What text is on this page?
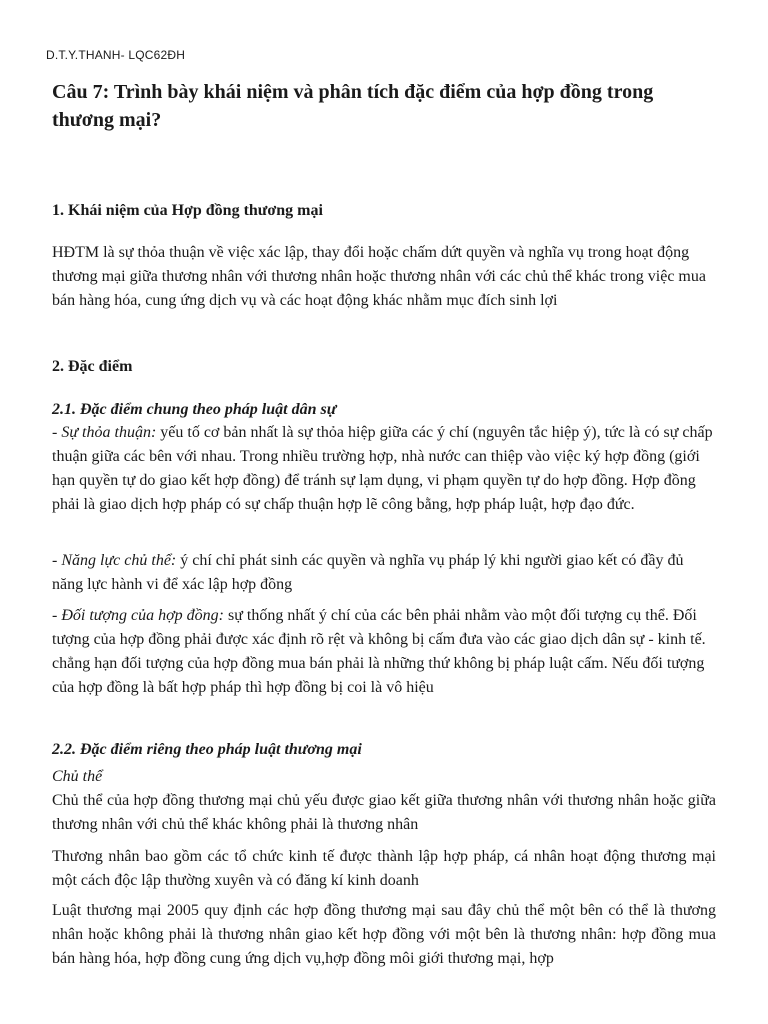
D.T.Y.THANH- LQC62ĐH
Câu 7: Trình bày khái niệm và phân tích đặc điểm của hợp đồng trong thương mại?
1. Khái niệm của Hợp đồng thương mại
HĐTM là sự thỏa thuận về việc xác lập, thay đổi hoặc chấm dứt quyền và nghĩa vụ trong hoạt động thương mại giữa thương nhân với thương nhân hoặc thương nhân với các chủ thể khác trong việc mua bán hàng hóa, cung ứng dịch vụ và các hoạt động khác nhằm mục đích sinh lợi
2. Đặc điểm
2.1. Đặc điểm chung theo pháp luật dân sự
- Sự thỏa thuận: yếu tố cơ bản nhất là sự thỏa hiệp giữa các ý chí (nguyên tắc hiệp ý), tức là có sự chấp thuận giữa các bên với nhau. Trong nhiều trường hợp, nhà nước can thiệp vào việc ký hợp đồng (giới hạn quyền tự do giao kết hợp đồng) để tránh sự lạm dụng, vi phạm quyền tự do hợp đồng. Hợp đồng phải là giao dịch hợp pháp có sự chấp thuận hợp lẽ công bằng, hợp pháp luật, hợp đạo đức.
- Năng lực chủ thể: ý chí chỉ phát sinh các quyền và nghĩa vụ pháp lý khi người giao kết có đầy đủ năng lực hành vi để xác lập hợp đồng
- Đối tượng của hợp đồng: sự thống nhất ý chí của các bên phải nhằm vào một đối tượng cụ thể. Đối tượng của hợp đồng phải được xác định rõ rệt và không bị cấm đưa vào các giao dịch dân sự - kinh tế. chẳng hạn đối tượng của hợp đồng mua bán phải là những thứ không bị pháp luật cấm. Nếu đối tượng của hợp đồng là bất hợp pháp thì hợp đồng bị coi là vô hiệu
2.2. Đặc điểm riêng theo pháp luật thương mại
Chủ thể
Chủ thể của hợp đồng thương mại chủ yếu được giao kết giữa thương nhân với thương nhân hoặc giữa thương nhân với chủ thể khác không phải là thương nhân
Thương nhân bao gồm các tổ chức kinh tế được thành lập hợp pháp, cá nhân hoạt động thương mại một cách độc lập thường xuyên và có đăng kí kinh doanh
Luật thương mại 2005 quy định các hợp đồng thương mại sau đây chủ thể một bên có thể là thương nhân hoặc không phải là thương nhân giao kết hợp đồng với một bên là thương nhân: hợp đồng mua bán hàng hóa, hợp đồng cung ứng dịch vụ,hợp đồng môi giới thương mại, hợp
